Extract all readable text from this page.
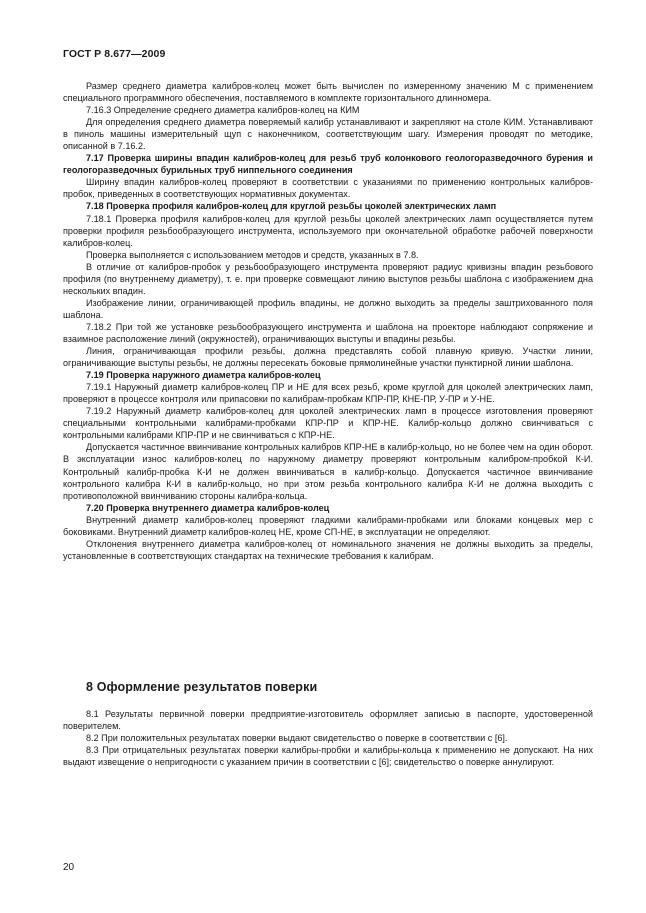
ГОСТ Р 8.677—2009

Размер среднего диаметра калибров-колец может быть вычислен по измеренному значению М с применением специального программного обеспечения, поставляемого в комплекте горизонтального длинномера.

7.16.3 Определение среднего диаметра калибров-колец на КИМ

Для определения среднего диаметра поверяемый калибр устанавливают и закрепляют на столе КИМ. Устанавливают в пиноль машины измерительный щуп с наконечником, соответствующим шагу. Измерения проводят по методике, описанной в 7.16.2.

7.17 Проверка ширины впадин калибров-колец для резьб труб колонкового геологоразведочного бурения и геологоразведочных бурильных труб ниппельного соединения

Ширину впадин калибров-колец проверяют в соответствии с указаниями по применению контрольных калибров-пробок, приведенных в соответствующих нормативных документах.

7.18 Проверка профиля калибров-колец для круглой резьбы цоколей электрических ламп

7.18.1 Проверка профиля калибров-колец для круглой резьбы цоколей электрических ламп осуществляется путем проверки профиля резьбообразующего инструмента, используемого при окончательной обработке рабочей поверхности калибров-колец.

Проверка выполняется с использованием методов и средств, указанных в 7.8.

В отличие от калибров-пробок у резьбообразующего инструмента проверяют радиус кривизны впадин резьбового профиля (по внутреннему диаметру), т. е. при проверке совмещают линию выступов резьбы шаблона с изображением дна нескольких впадин.

Изображение линии, ограничивающей профиль впадины, не должно выходить за пределы заштрихованного поля шаблона.

7.18.2 При той же установке резьбообразующего инструмента и шаблона на проекторе наблюдают сопряжение и взаимное расположение линий (окружностей), ограничивающих выступы и впадины резьбы.

Линия, ограничивающая профили резьбы, должна представлять собой плавную кривую. Участки линии, ограничивающие выступы резьбы, не должны пересекать боковые прямолинейные участки пунктирной линии шаблона.

7.19 Проверка наружного диаметра калибров-колец

7.19.1 Наружный диаметр калибров-колец ПР и НЕ для всех резьб, кроме круглой для цоколей электрических ламп, проверяют в процессе контроля или припасовки по калибрам-пробкам КПР-ПР, КНЕ-ПР, У-ПР и У-НЕ.

7.19.2 Наружный диаметр калибров-колец для цоколей электрических ламп в процессе изготовления проверяют специальными контрольными калибрами-пробками КПР-ПР и КПР-НЕ. Калибр-кольцо должно свинчиваться с контрольными калибрами КПР-ПР и не свинчиваться с КПР-НЕ.

Допускается частичное ввинчивание контрольных калибров КПР-НЕ в калибр-кольцо, но не более чем на один оборот. В эксплуатации износ калибров-колец по наружному диаметру проверяют контрольным калибром-пробкой К-И. Контрольный калибр-пробка К-И не должен ввинчиваться в калибр-кольцо. Допускается частичное ввинчивание контрольного калибра К-И в калибр-кольцо, но при этом резьба контрольного калибра К-И не должна выходить с противоположной ввинчиванию стороны калибра-кольца.

7.20 Проверка внутреннего диаметра калибров-колец

Внутренний диаметр калибров-колец проверяют гладкими калибрами-пробками или блоками концевых мер с боковиками. Внутренний диаметр калибров-колец НЕ, кроме СП-НЕ, в эксплуатации не определяют.

Отклонения внутреннего диаметра калибров-колец от номинального значения не должны выходить за пределы, установленные в соответствующих стандартах на технические требования к калибрам.

8 Оформление результатов поверки

8.1 Результаты первичной поверки предприятие-изготовитель оформляет записью в паспорте, удостоверенной поверителем.

8.2 При положительных результатах поверки выдают свидетельство о поверке в соответствии с [6].

8.3 При отрицательных результатах поверки калибры-пробки и калибры-кольца к применению не допускают. На них выдают извещение о непригодности с указанием причин в соответствии с [6]; свидетельство о поверке аннулируют.

20
